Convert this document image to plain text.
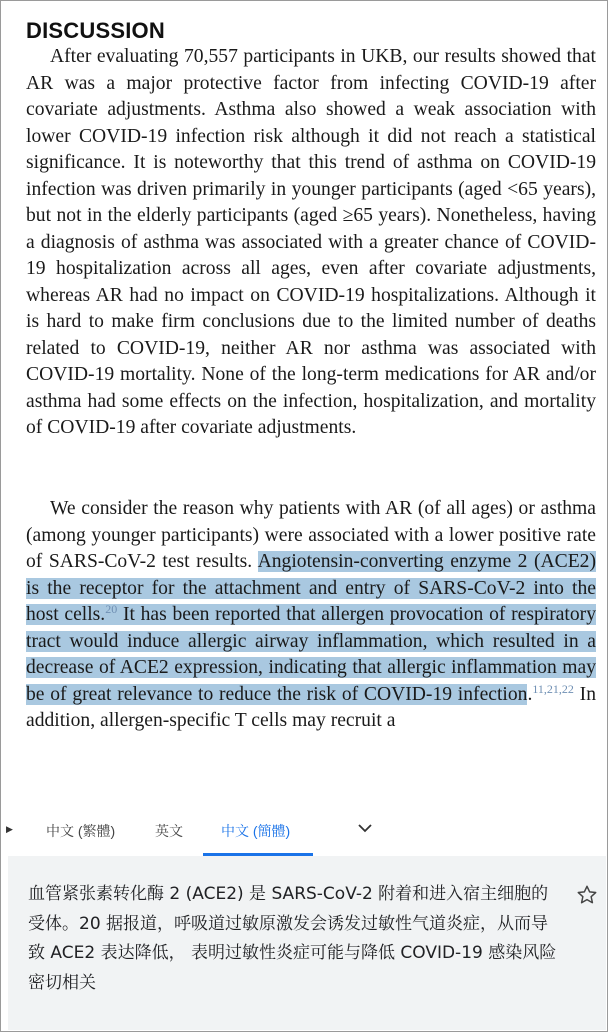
DISCUSSION
After evaluating 70,557 participants in UKB, our results showed that AR was a major protective factor from infecting COVID-19 after covariate adjustments. Asthma also showed a weak association with lower COVID-19 infection risk although it did not reach a statistical significance. It is noteworthy that this trend of asthma on COVID-19 infection was driven primarily in younger participants (aged <65 years), but not in the elderly participants (aged ≥65 years). Nonetheless, having a diagnosis of asthma was associated with a greater chance of COVID-19 hospitalization across all ages, even after covariate adjustments, whereas AR had no impact on COVID-19 hospitalizations. Although it is hard to make firm conclusions due to the limited number of deaths related to COVID-19, neither AR nor asthma was associated with COVID-19 mortality. None of the long-term medications for AR and/or asthma had some effects on the infection, hospitalization, and mortality of COVID-19 after covariate adjustments.
We consider the reason why patients with AR (of all ages) or asthma (among younger participants) were associated with a lower positive rate of SARS-CoV-2 test results. Angiotensin-converting enzyme 2 (ACE2) is the receptor for the attachment and entry of SARS-CoV-2 into the host cells.$^{20}$ It has been reported that allergen provocation of respiratory tract would induce allergic airway inflammation, which resulted in a decrease of ACE2 expression, indicating that allergic inflammation may be of great relevance to reduce the risk of COVID-19 infection.$^{11,21,22}$ In addition, allergen-specific T cells may recruit a
▶ 中文 (繁體)	英文	中文 (簡體)
血管紧张素转化酶 2 (ACE2) 是 SARS-CoV-2 附着和进入宿主细胞的受体。20 据报道，呼吸道过敏原激发会诱发过敏性气道炎症，从而导致 ACE2 表达降低， 表明过敏性炎症可能与降低 COVID-19 感染风险密切相关
